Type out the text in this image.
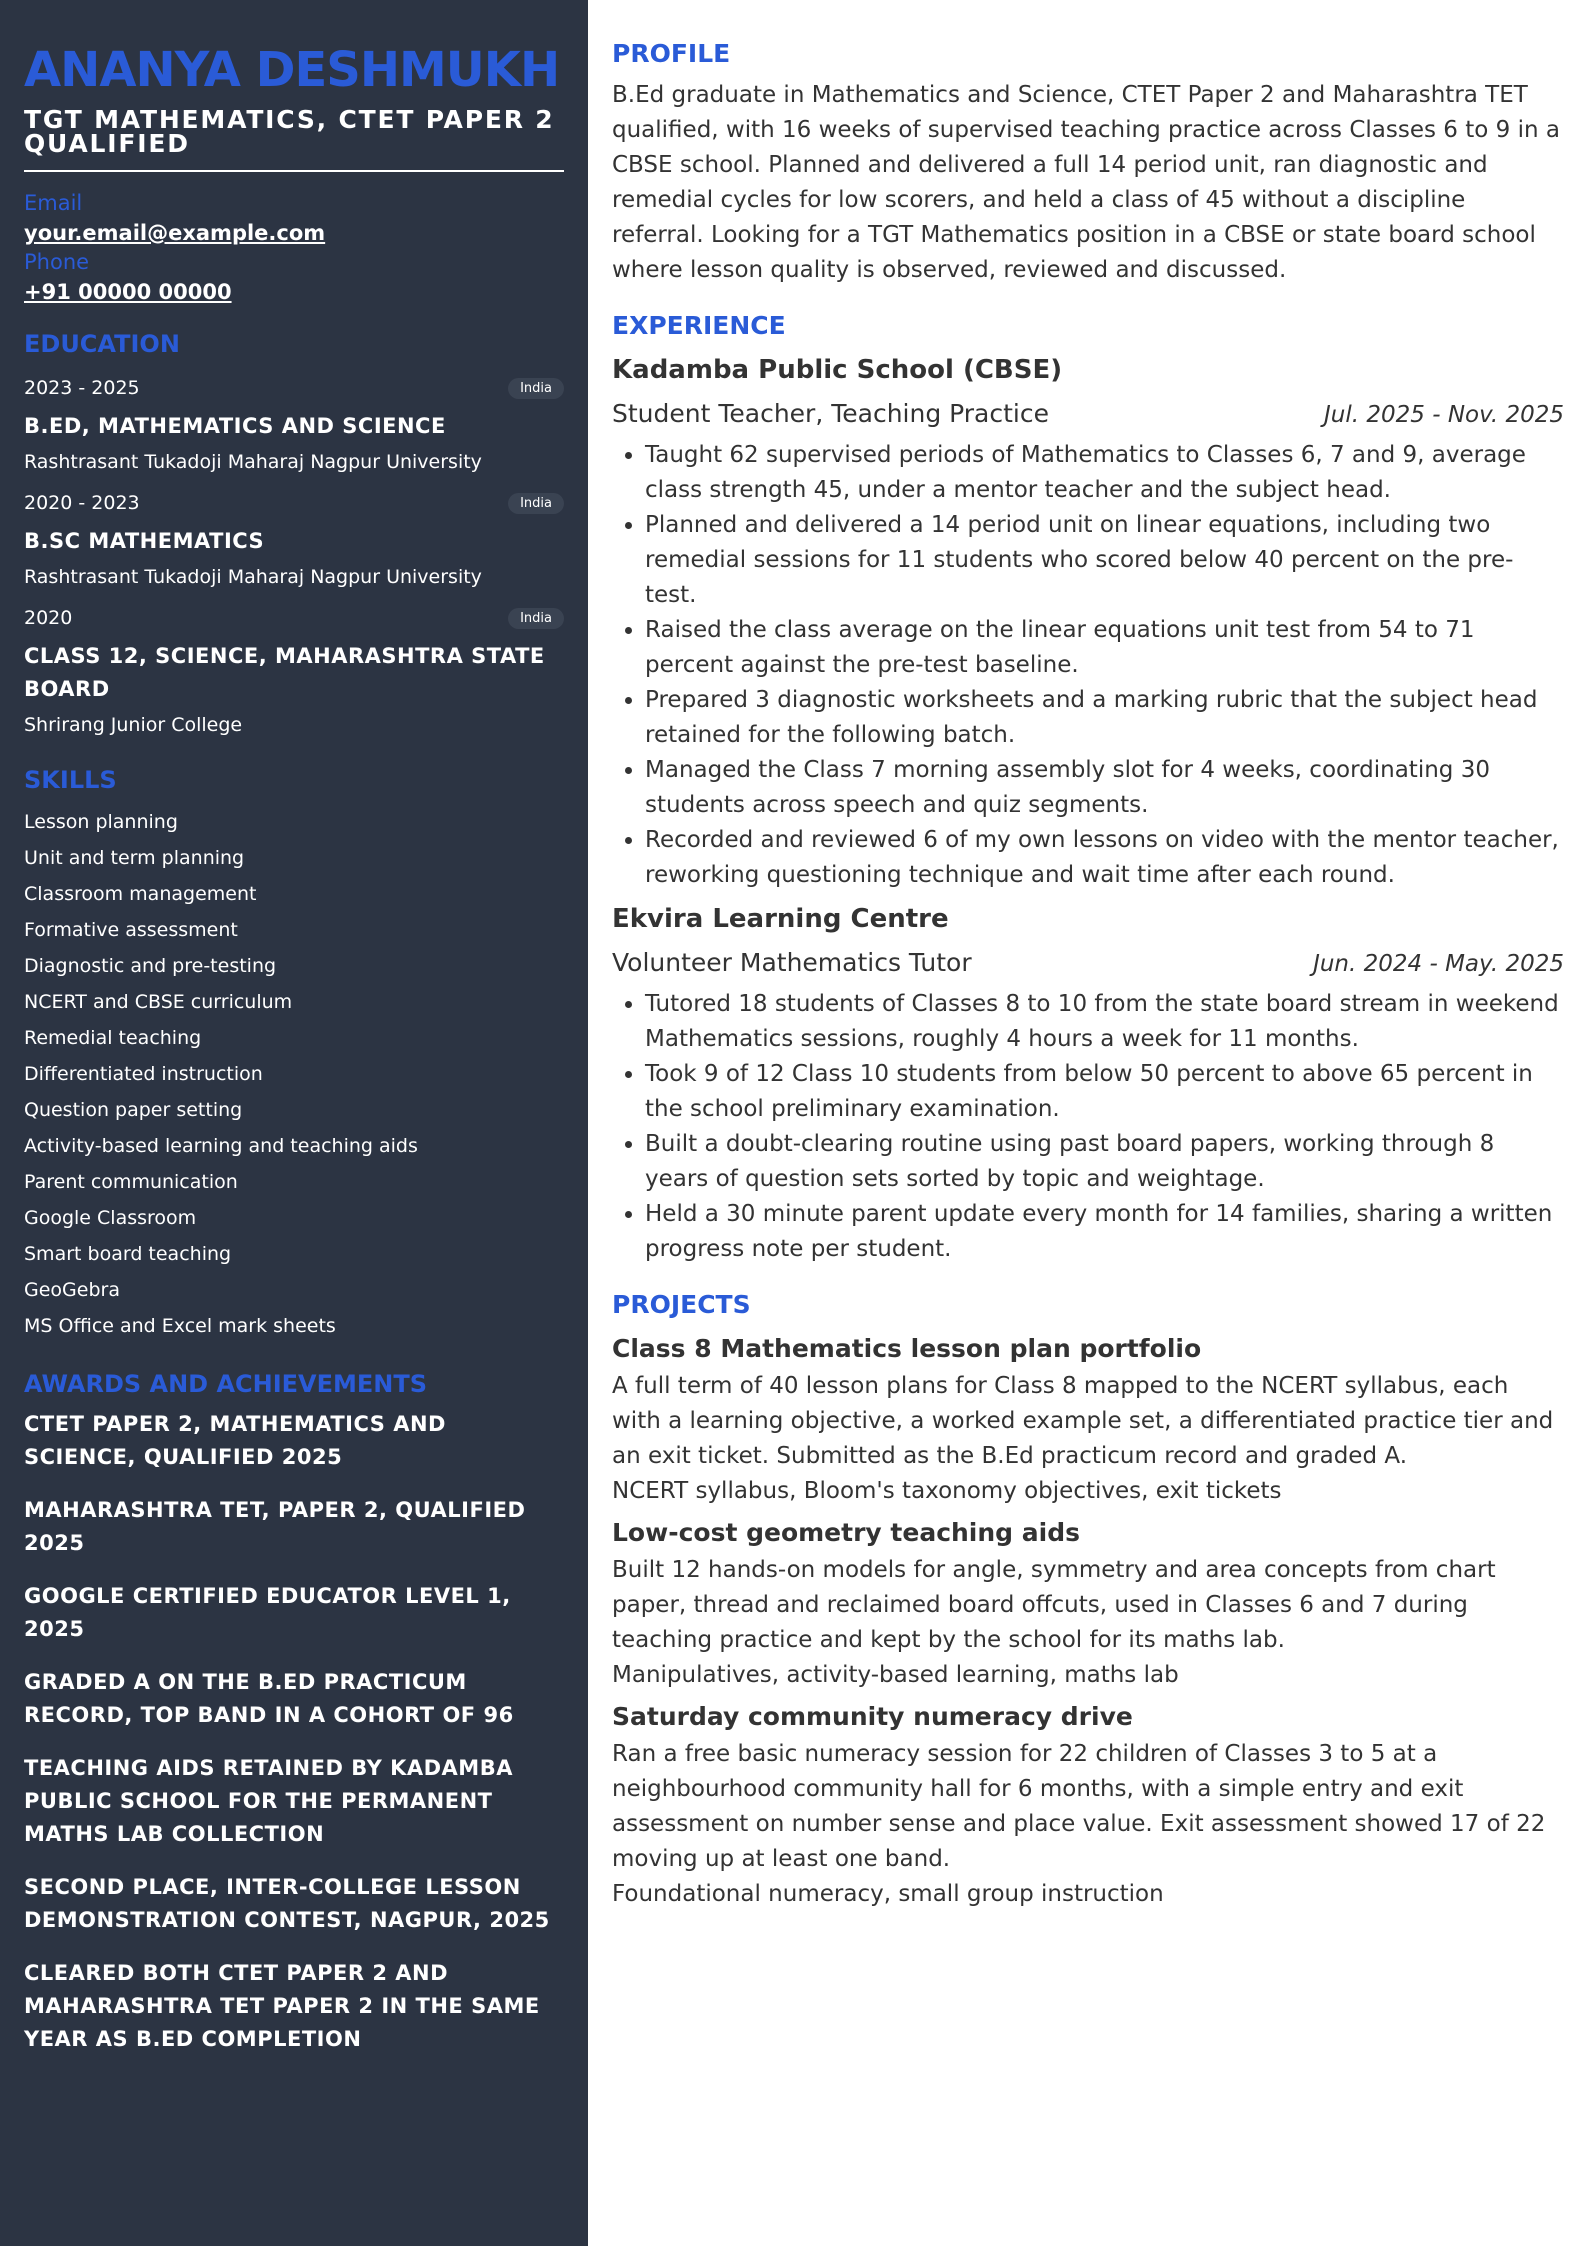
ANANYA DESHMUKH
TGT MATHEMATICS, CTET PAPER 2 QUALIFIED
Email
your.email@example.com
Phone
+91 00000 00000
EDUCATION
2023 - 2025	India
B.ED, MATHEMATICS AND SCIENCE
Rashtrasant Tukadoji Maharaj Nagpur University
2020 - 2023	India
B.SC MATHEMATICS
Rashtrasant Tukadoji Maharaj Nagpur University
2020	India
CLASS 12, SCIENCE, MAHARASHTRA STATE BOARD
Shrirang Junior College
SKILLS
Lesson planning
Unit and term planning
Classroom management
Formative assessment
Diagnostic and pre-testing
NCERT and CBSE curriculum
Remedial teaching
Differentiated instruction
Question paper setting
Activity-based learning and teaching aids
Parent communication
Google Classroom
Smart board teaching
GeoGebra
MS Office and Excel mark sheets
AWARDS AND ACHIEVEMENTS
CTET PAPER 2, MATHEMATICS AND SCIENCE, QUALIFIED 2025
MAHARASHTRA TET, PAPER 2, QUALIFIED 2025
GOOGLE CERTIFIED EDUCATOR LEVEL 1, 2025
GRADED A ON THE B.ED PRACTICUM RECORD, TOP BAND IN A COHORT OF 96
TEACHING AIDS RETAINED BY KADAMBA PUBLIC SCHOOL FOR THE PERMANENT MATHS LAB COLLECTION
SECOND PLACE, INTER-COLLEGE LESSON DEMONSTRATION CONTEST, NAGPUR, 2025
CLEARED BOTH CTET PAPER 2 AND MAHARASHTRA TET PAPER 2 IN THE SAME YEAR AS B.ED COMPLETION
PROFILE

B.Ed graduate in Mathematics and Science, CTET Paper 2 and Maharashtra TET qualified, with 16 weeks of supervised teaching practice across Classes 6 to 9 in a CBSE school. Planned and delivered a full 14 period unit, ran diagnostic and remedial cycles for low scorers, and held a class of 45 without a discipline referral. Looking for a TGT Mathematics position in a CBSE or state board school where lesson quality is observed, reviewed and discussed.

EXPERIENCE
Kadamba Public School (CBSE)
Student Teacher, Teaching Practice	Jul. 2025 - Nov. 2025
• Taught 62 supervised periods of Mathematics to Classes 6, 7 and 9, average class strength 45, under a mentor teacher and the subject head.
• Planned and delivered a 14 period unit on linear equations, including two remedial sessions for 11 students who scored below 40 percent on the pre-test.
• Raised the class average on the linear equations unit test from 54 to 71 percent against the pre-test baseline.
• Prepared 3 diagnostic worksheets and a marking rubric that the subject head retained for the following batch.
• Managed the Class 7 morning assembly slot for 4 weeks, coordinating 30 students across speech and quiz segments.
• Recorded and reviewed 6 of my own lessons on video with the mentor teacher, reworking questioning technique and wait time after each round.
Ekvira Learning Centre
Volunteer Mathematics Tutor	Jun. 2024 - May. 2025
• Tutored 18 students of Classes 8 to 10 from the state board stream in weekend Mathematics sessions, roughly 4 hours a week for 11 months.
• Took 9 of 12 Class 10 students from below 50 percent to above 65 percent in the school preliminary examination.
• Built a doubt-clearing routine using past board papers, working through 8 years of question sets sorted by topic and weightage.
• Held a 30 minute parent update every month for 14 families, sharing a written progress note per student.
PROJECTS
Class 8 Mathematics lesson plan portfolio
A full term of 40 lesson plans for Class 8 mapped to the NCERT syllabus, each with a learning objective, a worked example set, a differentiated practice tier and an exit ticket. Submitted as the B.Ed practicum record and graded A.
NCERT syllabus, Bloom's taxonomy objectives, exit tickets
Low-cost geometry teaching aids
Built 12 hands-on models for angle, symmetry and area concepts from chart paper, thread and reclaimed board offcuts, used in Classes 6 and 7 during teaching practice and kept by the school for its maths lab.
Manipulatives, activity-based learning, maths lab
Saturday community numeracy drive
Ran a free basic numeracy session for 22 children of Classes 3 to 5 at a neighbourhood community hall for 6 months, with a simple entry and exit assessment on number sense and place value. Exit assessment showed 17 of 22 moving up at least one band.
Foundational numeracy, small group instruction
